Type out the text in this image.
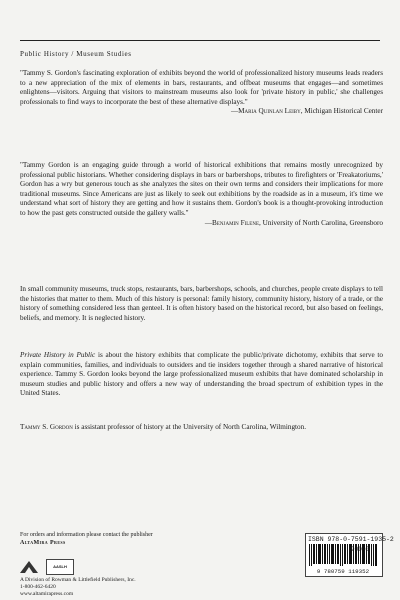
Public History / Museum Studies

"Tammy S. Gordon's fascinating exploration of exhibits beyond the world of professionalized history museums leads readers to a new appreciation of the mix of elements in bars, restaurants, and offbeat museums that engages—and sometimes enlightens—visitors. Arguing that visitors to mainstream museums also look for 'private history in public,' she challenges professionals to find ways to incorporate the best of these alternative displays."

—Maria Quinlan Leiby, Michigan Historical Center

"Tammy Gordon is an engaging guide through a world of historical exhibitions that remains mostly unrecognized by professional public historians. Whether considering displays in bars or barbershops, tributes to firefighters or 'Freakatoriums,' Gordon has a wry but generous touch as she analyzes the sites on their own terms and considers their implications for more traditional museums. Since Americans are just as likely to seek out exhibitions by the roadside as in a museum, it's time we understand what sort of history they are getting and how it sustains them. Gordon's book is a thought-provoking introduction to how the past gets constructed outside the gallery walls."

—Benjamin Filene, University of North Carolina, Greensboro

In small community museums, truck stops, restaurants, bars, barbershops, schools, and churches, people create displays to tell the histories that matter to them. Much of this history is personal: family history, community history, history of a trade, or the history of something considered less than genteel. It is often history based on the historical record, but also based on feelings, beliefs, and memory. It is neglected history.

Private History in Public is about the history exhibits that complicate the public/private dichotomy, exhibits that serve to explain communities, families, and individuals to outsiders and tie insiders together through a shared narrative of historical experience. Tammy S. Gordon looks beyond the large professionalized museum exhibits that have dominated scholarship in museum studies and public history and offers a new way of understanding the broad spectrum of exhibition types in the United States.

Tammy S. Gordon is assistant professor of history at the University of North Carolina, Wilmington.

For orders and information please contact the publisher
AltaMira Press
AASLH
A Division of Rowman & Littlefield Publishers, Inc.
1-800-462-6420
www.altamirapress.com
ISBN 978-0-7591-1935-2
9 780759 119352
